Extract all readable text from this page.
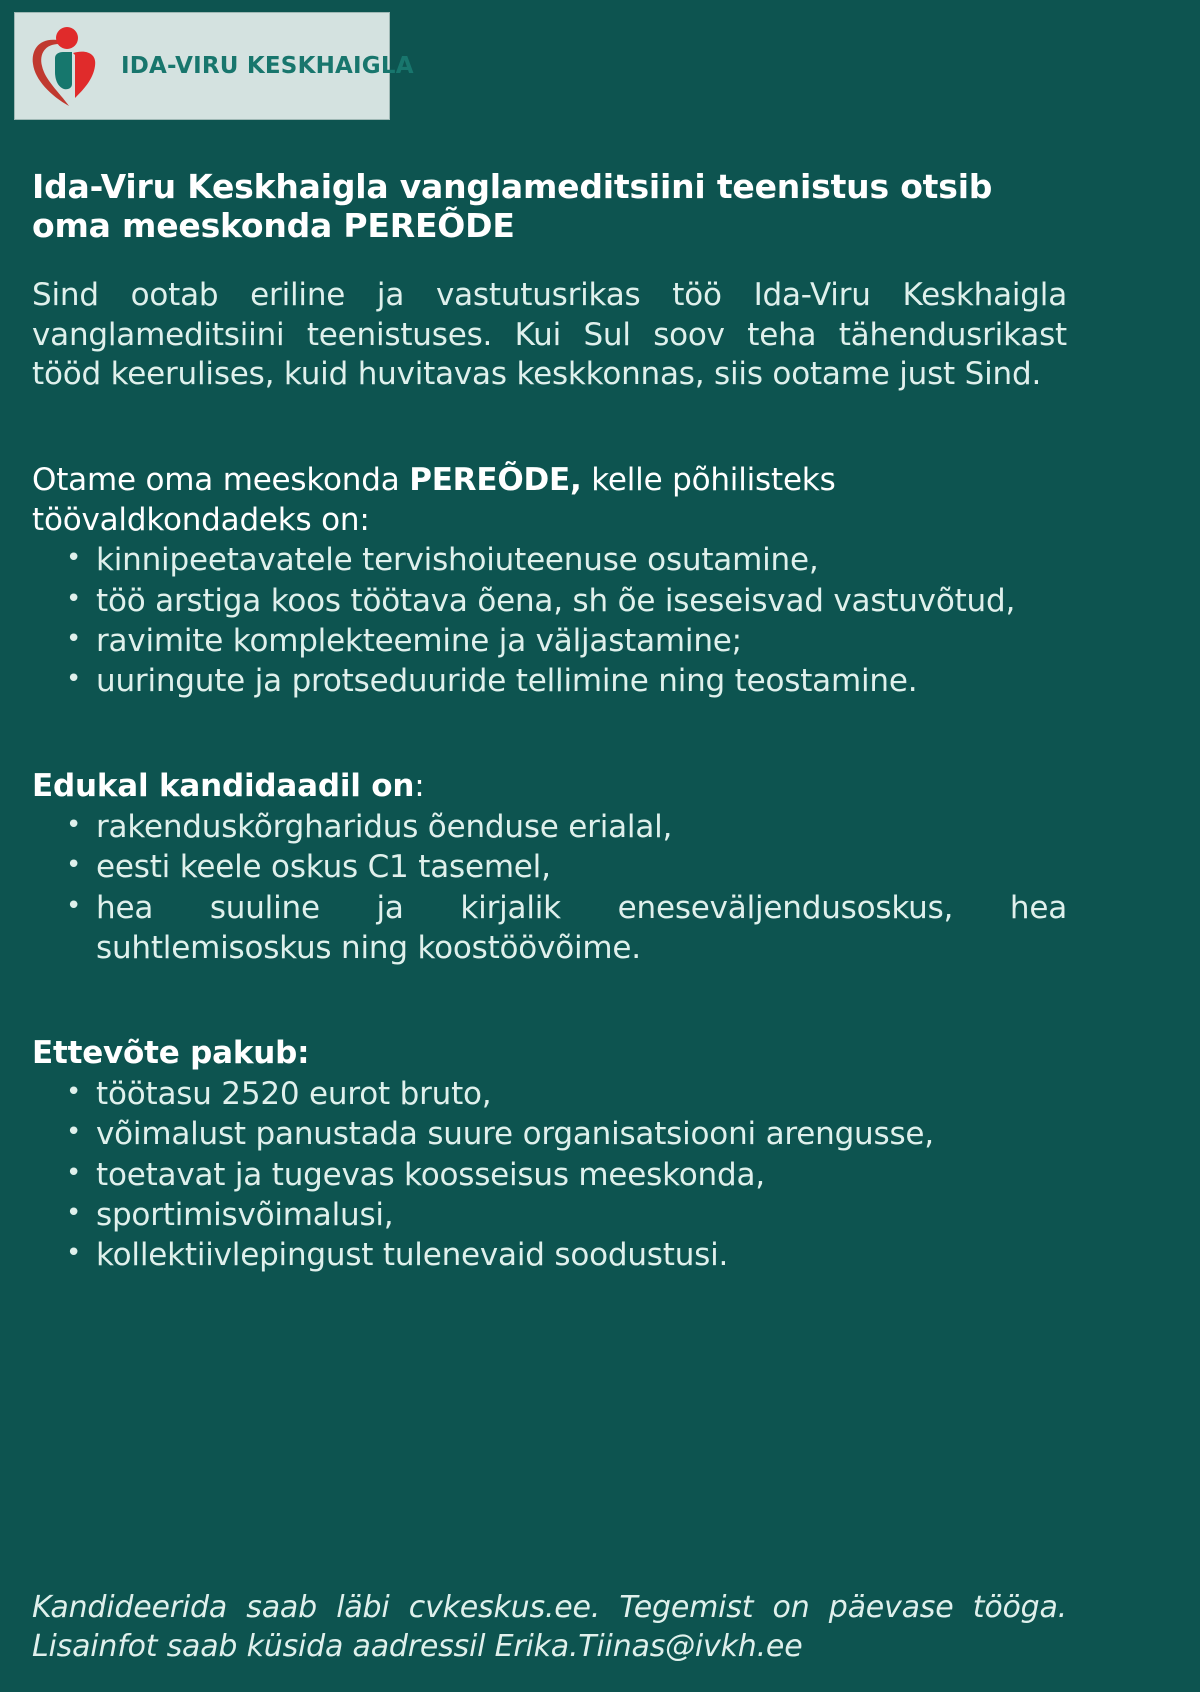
IDA-VIRU KESKHAIGLA
Ida-Viru Keskhaigla vanglameditsiini teenistus otsib oma meeskonda PEREÕDE

Sind ootab eriline ja vastutusrikas töö Ida-Viru Keskhaigla vanglameditsiini teenistuses. Kui Sul soov teha tähendusrikast tööd keerulises, kuid huvitavas keskkonnas, siis ootame just Sind.

Otame oma meeskonda PEREÕDE, kelle põhilisteks töövaldkondadeks on:

• kinnipeetavatele tervishoiuteenuse osutamine,
• töö arstiga koos töötava õena, sh õe iseseisvad vastuvõtud,
• ravimite komplekteemine ja väljastamine;
• uuringute ja protseduuride tellimine ning teostamine.

Edukal kandidaadil on:

• rakenduskõrgharidus õenduse erialal,
• eesti keele oskus C1 tasemel,
• hea suuline ja kirjalik eneseväljendusoskus, hea suhtlemisoskus ning koostöövõime.

Ettevõte pakub:

• töötasu 2520 eurot bruto,
• võimalust panustada suure organisatsiooni arengusse,
• toetavat ja tugevas koosseisus meeskonda,
• sportimisvõimalusi,
• kollektiivlepingust tulenevaid soodustusi.
Kandideerida saab läbi cvkeskus.ee. Tegemist on päevase tööga.
Lisainfot saab küsida aadressil Erika.Tiinas@ivkh.ee
